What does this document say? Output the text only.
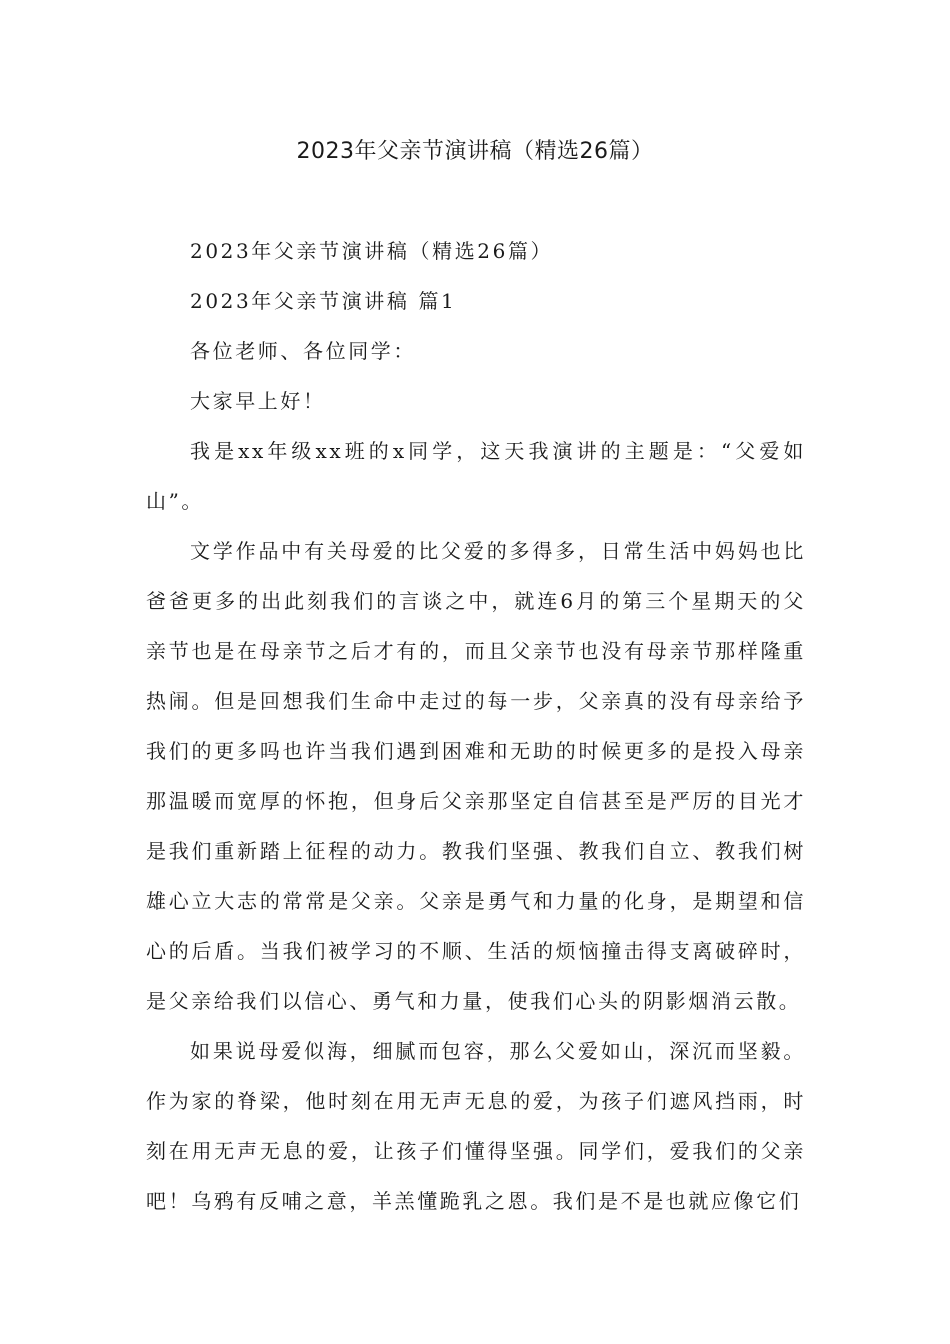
2023年父亲节演讲稿（精选26篇）

2023年父亲节演讲稿（精选26篇）

2023年父亲节演讲稿 篇1

各位老师、各位同学：

大家早上好！

我是xx年级xx班的x同学，这天我演讲的主题是：“父爱如山”。

文学作品中有关母爱的比父爱的多得多，日常生活中妈妈也比爸爸更多的出此刻我们的言谈之中，就连6月的第三个星期天的父亲节也是在母亲节之后才有的，而且父亲节也没有母亲节那样隆重热闹。但是回想我们生命中走过的每一步，父亲真的没有母亲给予我们的更多吗也许当我们遇到困难和无助的时候更多的是投入母亲那温暖而宽厚的怀抱，但身后父亲那坚定自信甚至是严厉的目光才是我们重新踏上征程的动力。教我们坚强、教我们自立、教我们树雄心立大志的常常是父亲。父亲是勇气和力量的化身，是期望和信心的后盾。当我们被学习的不顺、生活的烦恼撞击得支离破碎时，是父亲给我们以信心、勇气和力量，使我们心头的阴影烟消云散。

如果说母爱似海，细腻而包容，那么父爱如山，深沉而坚毅。作为家的脊梁，他时刻在用无声无息的爱，为孩子们遮风挡雨，时刻在用无声无息的爱，让孩子们懂得坚强。同学们，爱我们的父亲吧！乌鸦有反哺之意，羊羔懂跪乳之恩。我们是不是也就应像它们
